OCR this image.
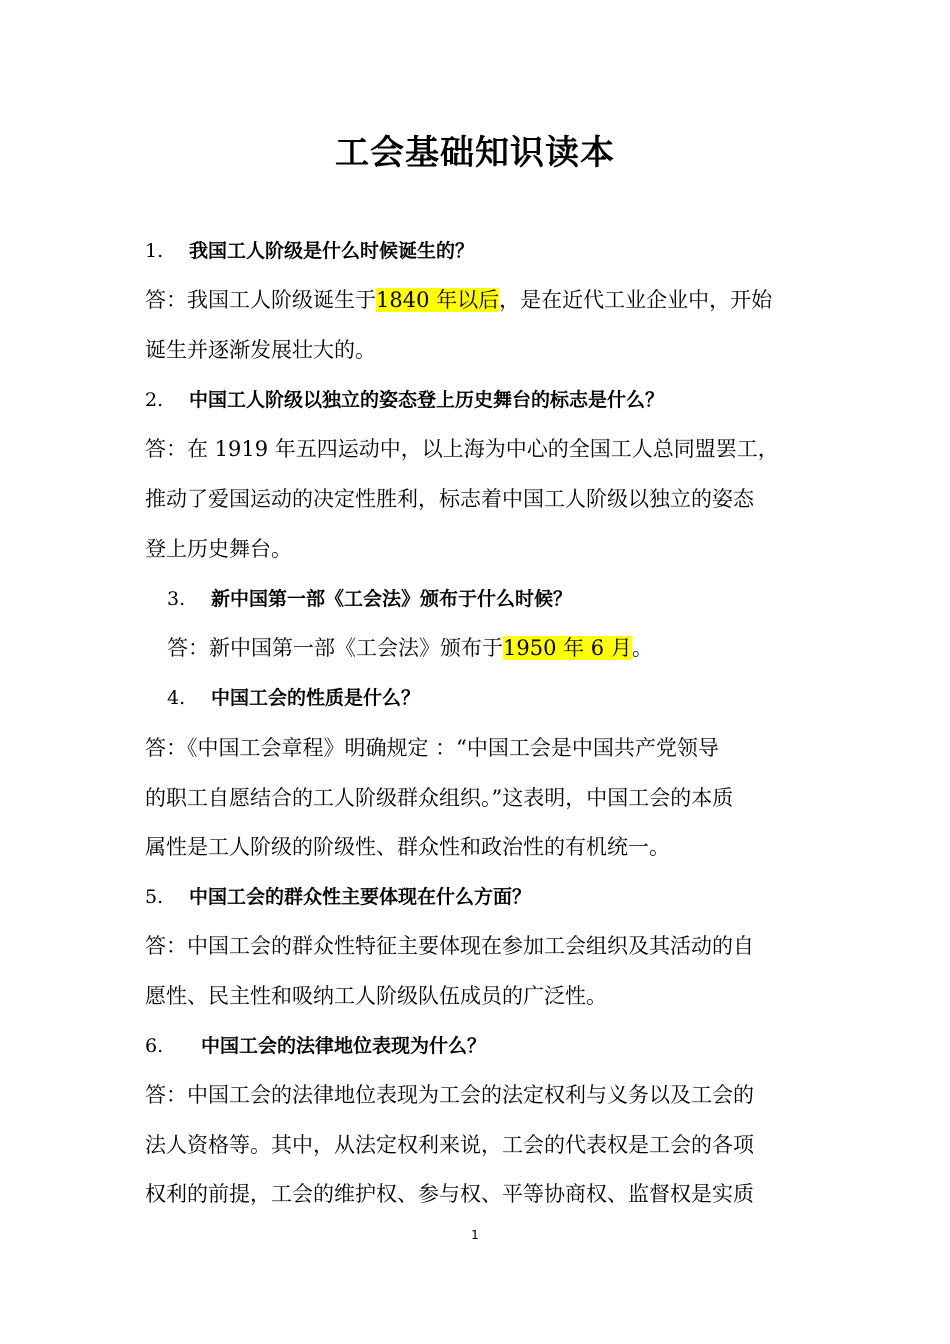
工会基础知识读本
1. 我国工人阶级是什么时候诞生的？
答：我国工人阶级诞生于1840 年以后，是在近代工业企业中，开始
诞生并逐渐发展壮大的。
2. 中国工人阶级以独立的姿态登上历史舞台的标志是什么？
答：在 1919 年五四运动中，以上海为中心的全国工人总同盟罢工，
推动了爱国运动的决定性胜利，标志着中国工人阶级以独立的姿态
登上历史舞台。
3. 新中国第一部《工会法》颁布于什么时候？
答：新中国第一部《工会法》颁布于1950 年 6 月。
4. 中国工会的性质是什么？
答：《中国工会章程》明确规定 ：“中国工会是中国共产党领导
的职工自愿结合的工人阶级群众组织。”这表明，中国工会的本质
属性是工人阶级的阶级性、群众性和政治性的有机统一。
5. 中国工会的群众性主要体现在什么方面？
答：中国工会的群众性特征主要体现在参加工会组织及其活动的自
愿性、民主性和吸纳工人阶级队伍成员的广泛性。
6. 中国工会的法律地位表现为什么？
答：中国工会的法律地位表现为工会的法定权利与义务以及工会的
法人资格等。其中，从法定权利来说，工会的代表权是工会的各项
权利的前提，工会的维护权、参与权、平等协商权、监督权是实质
1
